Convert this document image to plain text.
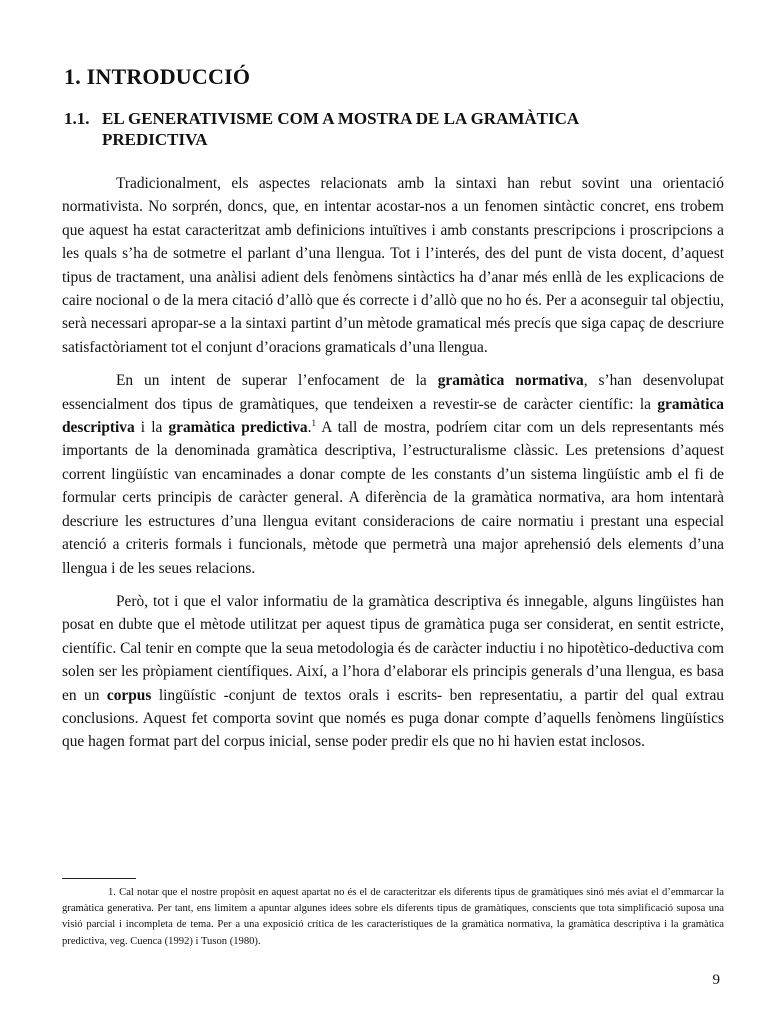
1. INTRODUCCIÓ
1.1. EL GENERATIVISME COM A MOSTRA DE LA GRAMÀTICA
PREDICTIVA

Tradicionalment, els aspectes relacionats amb la sintaxi han rebut sovint una orientació normativista. No sorprén, doncs, que, en intentar acostar-nos a un fenomen sintàctic concret, ens trobem que aquest ha estat caracteritzat amb definicions intuïtives i amb constants prescripcions i proscripcions a les quals s’ha de sotmetre el parlant d’una llengua. Tot i l’interés, des del punt de vista docent, d’aquest tipus de tractament, una anàlisi adient dels fenòmens sintàctics ha d’anar més enllà de les explicacions de caire nocional o de la mera citació d’allò que és correcte i d’allò que no ho és. Per a aconseguir tal objectiu, serà necessari apropar-se a la sintaxi partint d’un mètode gramatical més precís que siga capaç de descriure satisfactòriament tot el conjunt d’oracions gramaticals d’una llengua.

En un intent de superar l’enfocament de la gramàtica normativa, s’han desenvolupat essencialment dos tipus de gramàtiques, que tendeixen a revestir-se de caràcter científic: la gramàtica descriptiva i la gramàtica predictiva.$^1$ A tall de mostra, podríem citar com un dels representants més importants de la denominada gramàtica descriptiva, l’estructuralisme clàssic. Les pretensions d’aquest corrent lingüístic van encaminades a donar compte de les constants d’un sistema lingüístic amb el fi de formular certs principis de caràcter general. A diferència de la gramàtica normativa, ara hom intentarà descriure les estructures d’una llengua evitant consideracions de caire normatiu i prestant una especial atenció a criteris formals i funcionals, mètode que permetrà una major aprehensió dels elements d’una llengua i de les seues relacions.

Però, tot i que el valor informatiu de la gramàtica descriptiva és innegable, alguns lingüistes han posat en dubte que el mètode utilitzat per aquest tipus de gramàtica puga ser considerat, en sentit estricte, científic. Cal tenir en compte que la seua metodologia és de caràcter inductiu i no hipotètico-deductiva com solen ser les pròpiament científiques. Així, a l’hora d’elaborar els principis generals d’una llengua, es basa en un corpus lingüístic -conjunt de textos orals i escrits- ben representatiu, a partir del qual extrau conclusions. Aquest fet comporta sovint que només es puga donar compte d’aquells fenòmens lingüístics que hagen format part del corpus inicial, sense poder predir els que no hi havien estat inclosos.

1. Cal notar que el nostre propòsit en aquest apartat no és el de caracteritzar els diferents tipus de gramàtiques sinó més aviat el d’emmarcar la gramàtica generativa. Per tant, ens limitem a apuntar algunes idees sobre els diferents tipus de gramàtiques, conscients que tota simplificació suposa una visió parcial i incompleta de tema. Per a una exposició crítica de les característiques de la gramàtica normativa, la gramàtica descriptiva i la gramàtica predictiva, veg. Cuenca (1992) i Tuson (1980).

9
